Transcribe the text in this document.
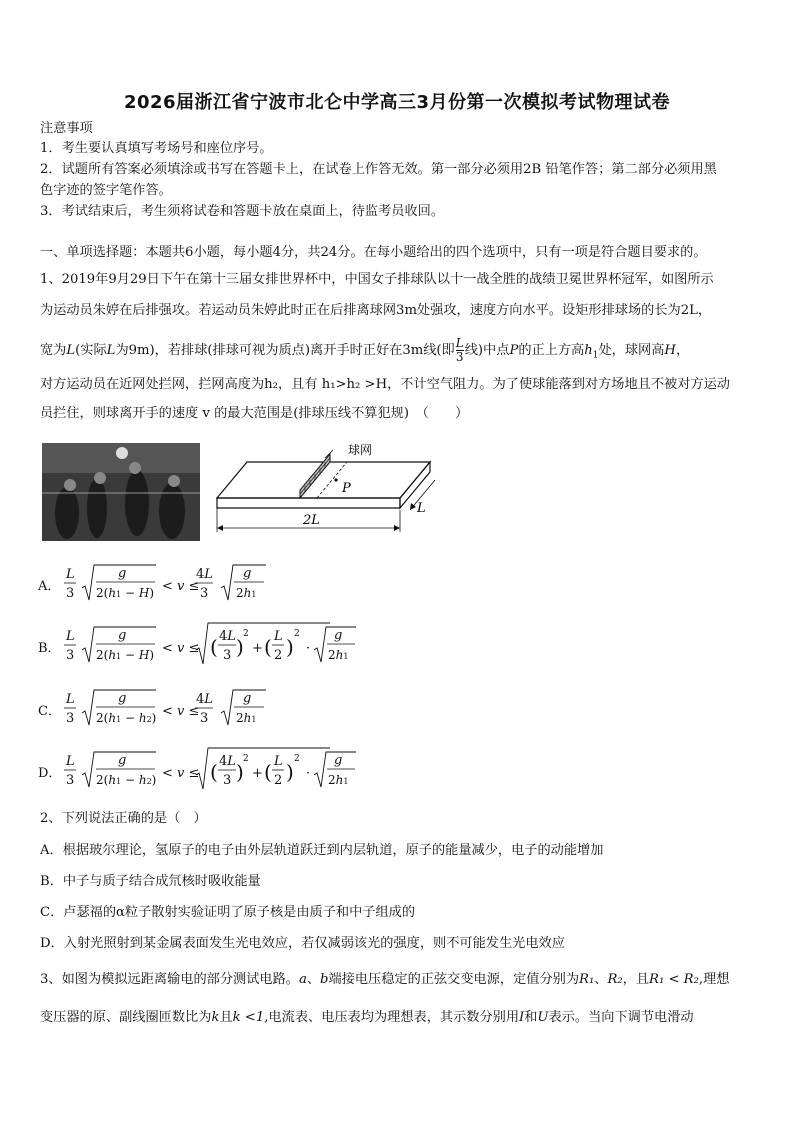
2026届浙江省宁波市北仑中学高三3月份第一次模拟考试物理试卷
注意事项
1．考生要认真填写考场号和座位序号。
2．试题所有答案必须填涂或书写在答题卡上，在试卷上作答无效。第一部分必须用2B 铅笔作答；第二部分必须用黑
色字迹的签字笔作答。
3．考试结束后，考生须将试卷和答题卡放在桌面上，待监考员收回。
一、单项选择题：本题共6小题，每小题4分，共24分。在每小题给出的四个选项中，只有一项是符合题目要求的。
1、2019年9月29日下午在第十三届女排世界杯中，中国女子排球队以十一战全胜的战绩卫冕世界杯冠军，如图所示
为运动员朱婷在后排强攻。若运动员朱婷此时正在后排离球网3m处强攻，速度方向水平。设矩形排球场的长为2L，
宽为L(实际L为9m)，若排球(排球可视为质点)离开手时正好在3m线(即 $\frac{L}{3}$ 线)中点P的正上方高$h_1$处，球网高H，
对方运动员在近网处拦网，拦网高度为h₂，且有 h₁>h₂ >H，不计空气阻力。为了使球能落到对方场地且不被对方运动
员拦住，则球离开手的速度 v 的最大范围是(排球压线不算犯规)　（　　）
球网
P
2L
L
A．
L
3
g
2(h1 − H) < v ≤
4L
3
g
2h1
B．
L
3
g
2(h1 − H) < v ≤ ( 4L
3 )
2
+ ( L
2 )
2
·
g
2h1
C．
L
3
g
2(h1 − h2) < v ≤
4L
3
g
2h1
D．
L
3
g
2(h1 − h2) < v ≤ ( 4L
3 )
2
+ ( L
2 )
2
·
g
2h1
2、下列说法正确的是（　）
A．根据玻尔理论，氢原子的电子由外层轨道跃迁到内层轨道，原子的能量减少，电子的动能增加
B．中子与质子结合成氘核时吸收能量
C．卢瑟福的α粒子散射实验证明了原子核是由质子和中子组成的
D．入射光照射到某金属表面发生光电效应，若仅减弱该光的强度，则不可能发生光电效应
3、如图为模拟远距离输电的部分测试电路。a、b端接电压稳定的正弦交变电源，定值分别为R₁、R₂，且R₁ < R₂,理想
变压器的原、副线圈匝数比为k且k <1,电流表、电压表均为理想表，其示数分别用I和U表示。当向下调节电滑动
